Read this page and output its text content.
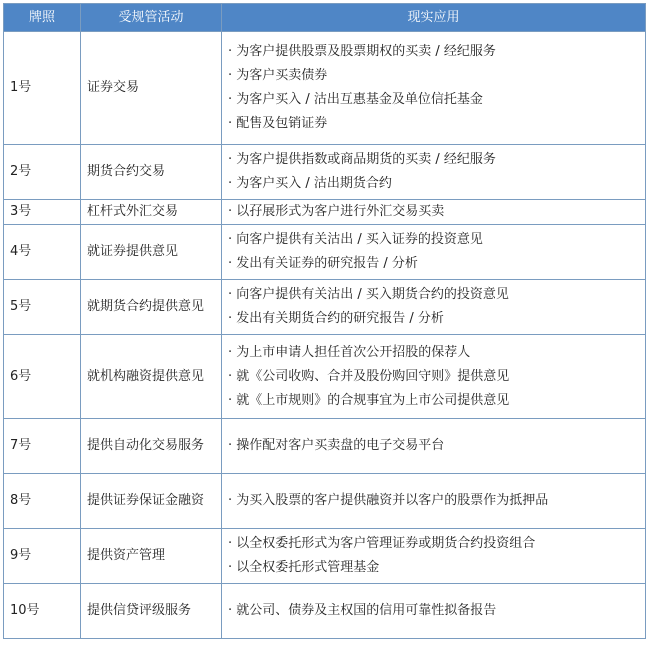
牌照	受规管活动	现实应用
1号	证券交易	· 为客户提供股票及股票期权的买卖 / 经纪服务
· 为客户买卖债券
· 为客户买入 / 沽出互惠基金及单位信托基金
· 配售及包销证券

2号	期货合约交易	· 为客户提供指数或商品期货的买卖 / 经纪服务
· 为客户买入 / 沽出期货合约

3号	杠杆式外汇交易	· 以孖展形式为客户进行外汇交易买卖

4号	就证券提供意见	· 向客户提供有关沽出 / 买入证券的投资意见
· 发出有关证券的研究报告 / 分析

5号	就期货合约提供意见	· 向客户提供有关沽出 / 买入期货合约的投资意见
· 发出有关期货合约的研究报告 / 分析

6号	就机构融资提供意见	· 为上市申请人担任首次公开招股的保荐人
· 就《公司收购、合并及股份购回守则》提供意见
· 就《上市规则》的合规事宜为上市公司提供意见

7号	提供自动化交易服务	· 操作配对客户买卖盘的电子交易平台

8号	提供证券保证金融资	· 为买入股票的客户提供融资并以客户的股票作为抵押品

9号	提供资产管理	· 以全权委托形式为客户管理证券或期货合约投资组合
· 以全权委托形式管理基金

10号	提供信贷评级服务	· 就公司、债券及主权国的信用可靠性拟备报告
